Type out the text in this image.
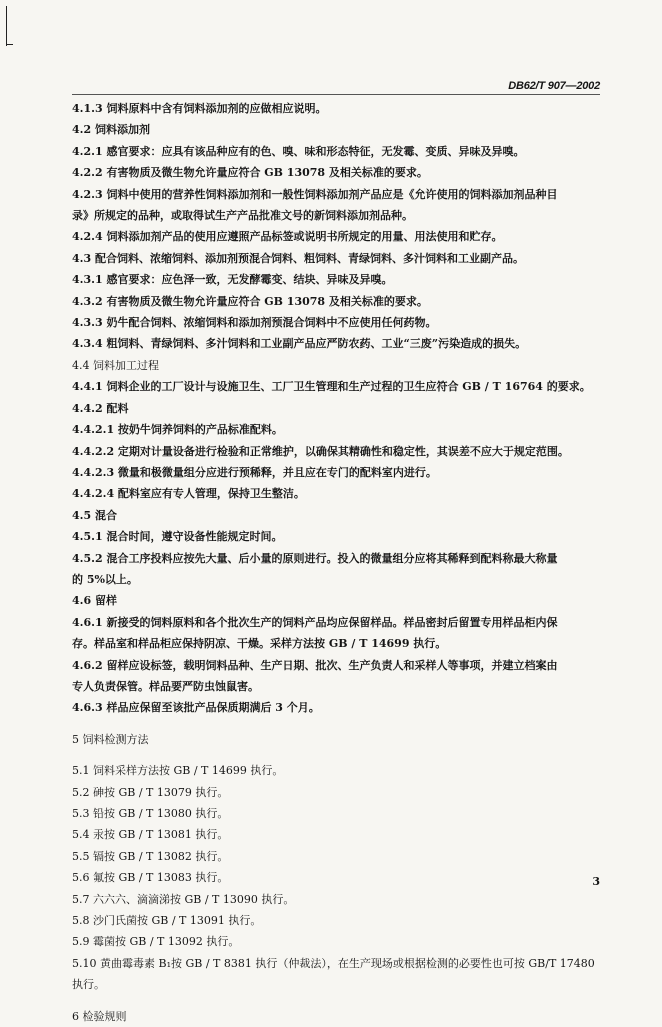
DB62/T 907—2002
4.1.3 饲料原料中含有饲料添加剂的应做相应说明。
4.2 饲料添加剂
4.2.1 感官要求：应具有该品种应有的色、嗅、味和形态特征，无发霉、变质、异味及异嗅。
4.2.2 有害物质及微生物允许量应符合 GB 13078 及相关标准的要求。
4.2.3 饲料中使用的营养性饲料添加剂和一般性饲料添加剂产品应是《允许使用的饲料添加剂品种目
录》所规定的品种，或取得试生产产品批准文号的新饲料添加剂品种。
4.2.4 饲料添加剂产品的使用应遵照产品标签或说明书所规定的用量、用法使用和贮存。
4.3 配合饲料、浓缩饲料、添加剂预混合饲料、粗饲料、青绿饲料、多汁饲料和工业副产品。
4.3.1 感官要求：应色泽一致，无发酵霉变、结块、异味及异嗅。
4.3.2 有害物质及微生物允许量应符合 GB 13078 及相关标准的要求。
4.3.3 奶牛配合饲料、浓缩饲料和添加剂预混合饲料中不应使用任何药物。
4.3.4 粗饲料、青绿饲料、多汁饲料和工业副产品应严防农药、工业“三废”污染造成的损失。
4.4 饲料加工过程
4.4.1 饲料企业的工厂设计与设施卫生、工厂卫生管理和生产过程的卫生应符合 GB / T 16764 的要求。
4.4.2 配料
4.4.2.1 按奶牛饲养饲料的产品标准配料。
4.4.2.2 定期对计量设备进行检验和正常维护，以确保其精确性和稳定性，其误差不应大于规定范围。
4.4.2.3 微量和极微量组分应进行预稀释，并且应在专门的配料室内进行。
4.4.2.4 配料室应有专人管理，保持卫生整洁。
4.5 混合
4.5.1 混合时间，遵守设备性能规定时间。
4.5.2 混合工序投料应按先大量、后小量的原则进行。投入的微量组分应将其稀释到配料称最大称量
的 5%以上。
4.6 留样
4.6.1 新接受的饲料原料和各个批次生产的饲料产品均应保留样品。样品密封后留置专用样品柜内保
存。样品室和样品柜应保持阴凉、干燥。采样方法按 GB / T 14699 执行。
4.6.2 留样应设标签，载明饲料品种、生产日期、批次、生产负责人和采样人等事项，并建立档案由
专人负责保管。样品要严防虫蚀鼠害。
4.6.3 样品应保留至该批产品保质期满后 3 个月。
5 饲料检测方法
5.1 饲料采样方法按 GB / T 14699 执行。
5.2 砷按 GB / T 13079 执行。
5.3 铅按 GB / T 13080 执行。
5.4 汞按 GB / T 13081 执行。
5.5 镉按 GB / T 13082 执行。
5.6 氟按 GB / T 13083 执行。
5.7 六六六、滴滴涕按 GB / T 13090 执行。
5.8 沙门氏菌按 GB / T 13091 执行。
5.9 霉菌按 GB / T 13092 执行。
5.10 黄曲霉毒素 B₁按 GB / T 8381 执行（仲裁法），在生产现场或根据检测的必要性也可按 GB/T 17480
执行。
6 检验规则
3
